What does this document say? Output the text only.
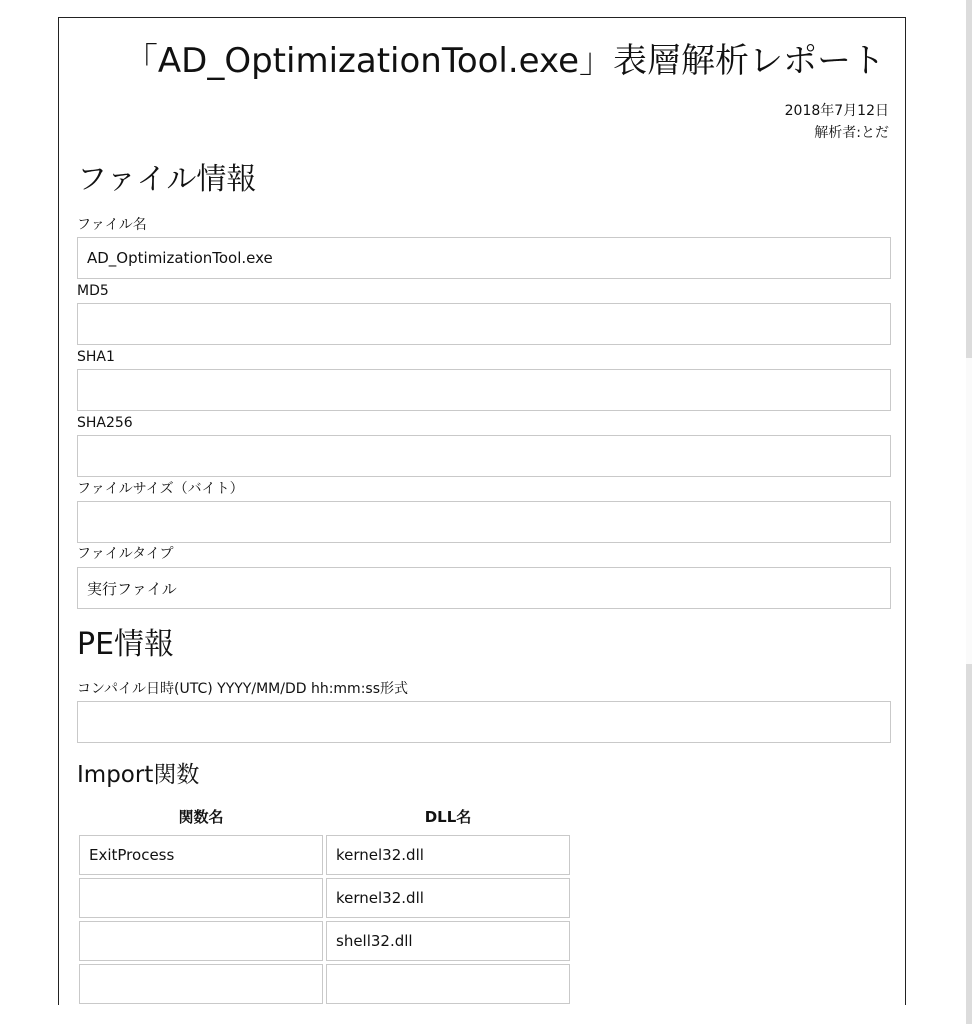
「AD_OptimizationTool.exe」表層解析レポート
2018年7月12日
解析者:とだ
ファイル情報
ファイル名
AD_OptimizationTool.exe
MD5
SHA1
SHA256
ファイルサイズ（バイト）
ファイルタイプ
実行ファイル
PE情報
コンパイル日時(UTC) YYYY/MM/DD hh:mm:ss形式
Import関数
関数名	DLL名
ExitProcess
kernel32.dll
kernel32.dll
shell32.dll
